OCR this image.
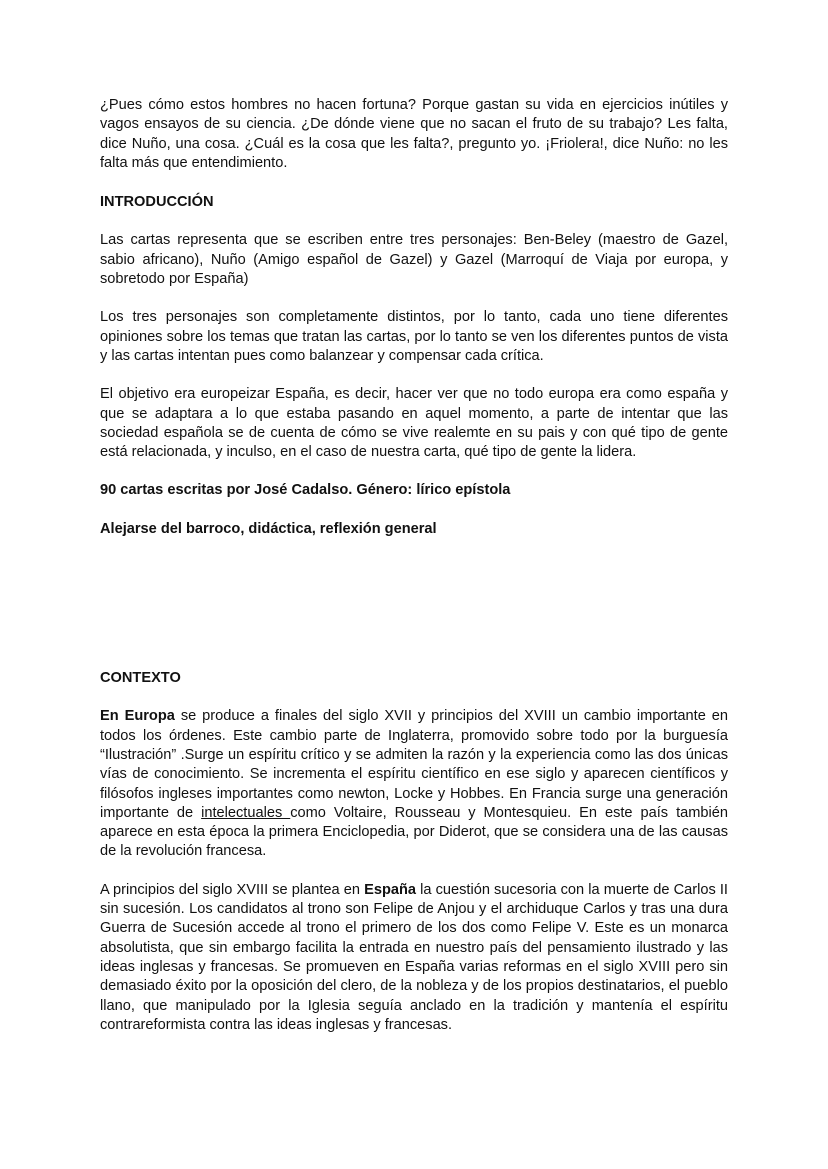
¿Pues cómo estos hombres no hacen fortuna? Porque gastan su vida en ejercicios inútiles y vagos ensayos de su ciencia. ¿De dónde viene que no sacan el fruto de su trabajo? Les falta, dice Nuño, una cosa. ¿Cuál es la cosa que les falta?, pregunto yo. ¡Friolera!, dice Nuño: no les falta más que entendimiento.

INTRODUCCIÓN

Las cartas representa que se escriben entre tres personajes: Ben-Beley (maestro de Gazel, sabio africano), Nuño (Amigo español de Gazel) y Gazel (Marroquí de Viaja por europa, y sobretodo por España)

Los tres personajes son completamente distintos, por lo tanto, cada uno tiene diferentes opiniones sobre los temas que tratan las cartas, por lo tanto se ven los diferentes puntos de vista y las cartas intentan pues como balanzear y compensar cada crítica.

El objetivo era europeizar España, es decir, hacer ver que no todo europa era como españa y que se adaptara a lo que estaba pasando en aquel momento, a parte de intentar que las sociedad española se de cuenta de cómo se vive realemte en su pais y con qué tipo de gente está relacionada, y inculso, en el caso de nuestra carta, qué tipo de gente la lidera.

90 cartas escritas por José Cadalso. Género: lírico epístola

Alejarse del barroco, didáctica, reflexión general

CONTEXTO

En Europa se produce a finales del siglo XVII y principios del XVIII un cambio importante en todos los órdenes. Este cambio parte de Inglaterra, promovido sobre todo por la burguesía “Ilustración” .Surge un espíritu crítico y se admiten la razón y la experiencia como las dos únicas vías de conocimiento. Se incrementa el espíritu científico en ese siglo y aparecen científicos y filósofos ingleses importantes como newton, Locke y Hobbes. En Francia surge una generación importante de intelectuales como Voltaire, Rousseau y Montesquieu. En este país también aparece en esta época la primera Enciclopedia, por Diderot, que se considera una de las causas de la revolución francesa.

A principios del siglo XVIII se plantea en España la cuestión sucesoria con la muerte de Carlos II sin sucesión. Los candidatos al trono son Felipe de Anjou y el archiduque Carlos y tras una dura Guerra de Sucesión accede al trono el primero de los dos como Felipe V. Este es un monarca absolutista, que sin embargo facilita la entrada en nuestro país del pensamiento ilustrado y las ideas inglesas y francesas. Se promueven en España varias reformas en el siglo XVIII pero sin demasiado éxito por la oposición del clero, de la nobleza y de los propios destinatarios, el pueblo llano, que manipulado por la Iglesia seguía anclado en la tradición y mantenía el espíritu contrareformista contra las ideas inglesas y francesas.
